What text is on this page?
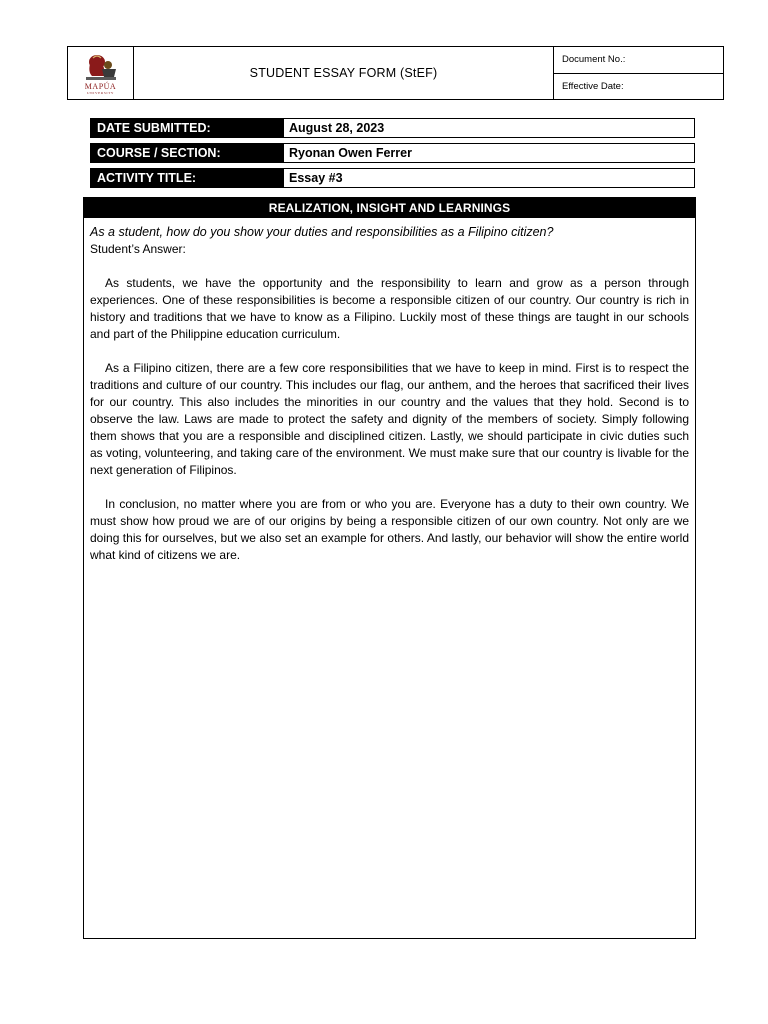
MAPÚA
UNIVERSITY
STUDENT ESSAY FORM (StEF)
Document No.:
Effective Date:
DATE SUBMITTED:	August 28, 2023
COURSE / SECTION:	Ryonan Owen Ferrer
ACTIVITY TITLE:	Essay #3
REALIZATION, INSIGHT AND LEARNINGS
As a student, how do you show your duties and responsibilities as a Filipino citizen?
Student’s Answer:

As students, we have the opportunity and the responsibility to learn and grow as a person through experiences. One of these responsibilities is become a responsible citizen of our country. Our country is rich in history and traditions that we have to know as a Filipino. Luckily most of these things are taught in our schools and part of the Philippine education curriculum.

As a Filipino citizen, there are a few core responsibilities that we have to keep in mind. First is to respect the traditions and culture of our country. This includes our flag, our anthem, and the heroes that sacrificed their lives for our country. This also includes the minorities in our country and the values that they hold. Second is to observe the law. Laws are made to protect the safety and dignity of the members of society. Simply following them shows that you are a responsible and disciplined citizen. Lastly, we should participate in civic duties such as voting, volunteering, and taking care of the environment. We must make sure that our country is livable for the next generation of Filipinos.

In conclusion, no matter where you are from or who you are. Everyone has a duty to their own country. We must show how proud we are of our origins by being a responsible citizen of our own country. Not only are we doing this for ourselves, but we also set an example for others. And lastly, our behavior will show the entire world what kind of citizens we are.
